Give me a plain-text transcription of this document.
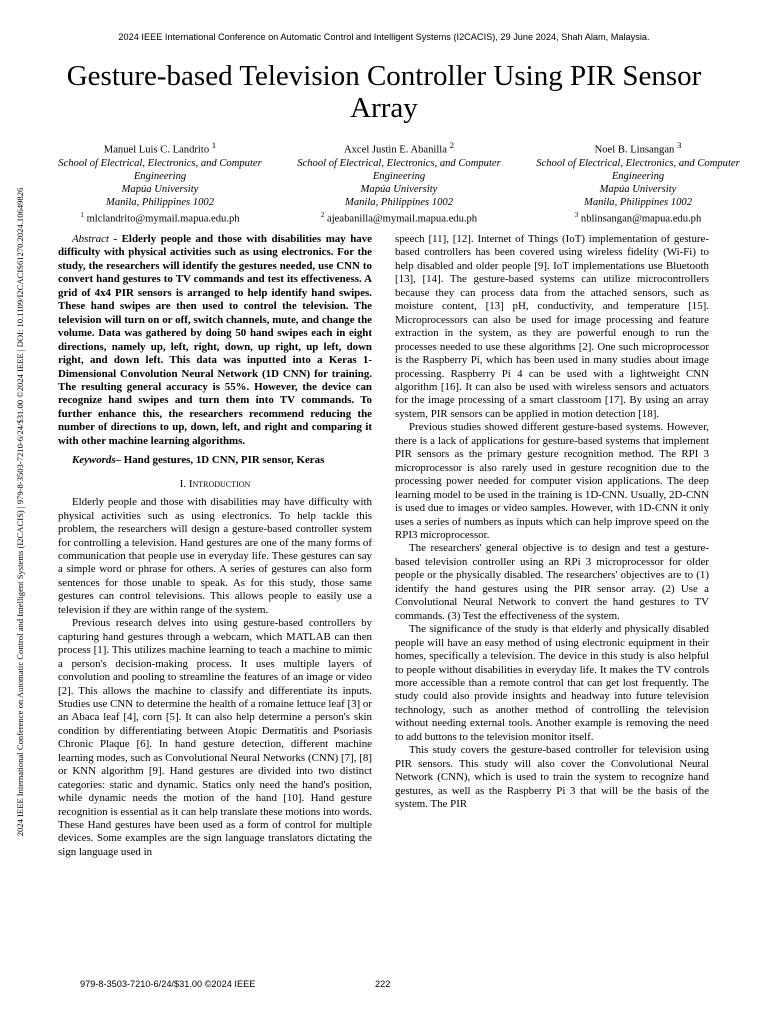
2024 IEEE International Conference on Automatic Control and Intelligent Systems (I2CACIS), 29 June 2024, Shah Alam, Malaysia.
Gesture-based Television Controller Using PIR Sensor Array
2024 IEEE International Conference on Automatic Control and Intelligent Systems (I2CACIS) | 979-8-3503-7210-6/24/$31.00 ©2024 IEEE | DOI: 10.1109/I2CACIS61270.2024.10649826
Manuel Luis C. Landrito $^1$
School of Electrical, Electronics, and Computer Engineering
Mapúa University
Manila, Philippines 1002
$^1$ mlclandrito@mymail.mapua.edu.ph
Axcel Justin E. Abanilla $^2$
School of Electrical, Electronics, and Computer Engineering
Mapúa University
Manila, Philippines 1002
$^2$ ajeabanilla@mymail.mapua.edu.ph
Noel B. Linsangan $^3$
School of Electrical, Electronics, and Computer Engineering
Mapúa University
Manila, Philippines 1002
$^3$ nblinsangan@mapua.edu.ph

Abstract - Elderly people and those with disabilities may have difficulty with physical activities such as using electronics. For the study, the researchers will identify the gestures needed, use CNN to convert hand gestures to TV commands and test its effectiveness. A grid of 4x4 PIR sensors is arranged to help identify hand swipes. These hand swipes are then used to control the television. The television will turn on or off, switch channels, mute, and change the volume. Data was gathered by doing 50 hand swipes each in eight directions, namely up, left, right, down, up right, up left, down right, and down left. This data was inputted into a Keras 1-Dimensional Convolution Neural Network (1D CNN) for training. The resulting general accuracy is 55%. However, the device can recognize hand swipes and turn them into TV commands. To further enhance this, the researchers recommend reducing the number of directions to up, down, left, and right and comparing it with other machine learning algorithms.

Keywords– Hand gestures, 1D CNN, PIR sensor, Keras

I. Introduction

Elderly people and those with disabilities may have difficulty with physical activities such as using electronics. To help tackle this problem, the researchers will design a gesture-based controller system for controlling a television. Hand gestures are one of the many forms of communication that people use in everyday life. These gestures can say a simple word or phrase for others. A series of gestures can also form sentences for those unable to speak. As for this study, those same gestures can control televisions. This allows people to easily use a television if they are within range of the system.

Previous research delves into using gesture-based controllers by capturing hand gestures through a webcam, which MATLAB can then process [1]. This utilizes machine learning to teach a machine to mimic a person's decision-making process. It uses multiple layers of convolution and pooling to streamline the features of an image or video [2]. This allows the machine to classify and differentiate its inputs. Studies use CNN to determine the health of a romaine lettuce leaf [3] or an Abaca leaf [4], corn [5]. It can also help determine a person's skin condition by differentiating between Atopic Dermatitis and Psoriasis Chronic Plaque [6]. In hand gesture detection, different machine learning modes, such as Convolutional Neural Networks (CNN) [7], [8] or KNN algorithm [9]. Hand gestures are divided into two distinct categories: static and dynamic. Statics only need the hand's position, while dynamic needs the motion of the hand [10]. Hand gesture recognition is essential as it can help translate these motions into words. These Hand gestures have been used as a form of control for multiple devices. Some examples are the sign language translators dictating the sign language used in

speech [11], [12]. Internet of Things (IoT) implementation of gesture-based controllers has been covered using wireless fidelity (Wi-Fi) to help disabled and older people [9]. IoT implementations use Bluetooth [13], [14]. The gesture-based systems can utilize microcontrollers because they can process data from the attached sensors, such as moisture content, [13] pH, conductivity, and temperature [15]. Microprocessors can also be used for image processing and feature extraction in the system, as they are powerful enough to run the processes needed to use these algorithms [2]. One such microprocessor is the Raspberry Pi, which has been used in many studies about image processing. Raspberry Pi 4 can be used with a lightweight CNN algorithm [16]. It can also be used with wireless sensors and actuators for the image processing of a smart classroom [17]. By using an array system, PIR sensors can be applied in motion detection [18].

Previous studies showed different gesture-based systems. However, there is a lack of applications for gesture-based systems that implement PIR sensors as the primary gesture recognition method. The RPI 3 microprocessor is also rarely used in gesture recognition due to the processing power needed for computer vision applications. The deep learning model to be used in the training is 1D-CNN. Usually, 2D-CNN is used due to images or video samples. However, with 1D-CNN it only uses a series of numbers as inputs which can help improve speed on the RPI3 microprocessor.

The researchers' general objective is to design and test a gesture-based television controller using an RPi 3 microprocessor for older people or the physically disabled. The researchers' objectives are to (1) identify the hand gestures using the PIR sensor array. (2) Use a Convolutional Neural Network to convert the hand gestures to TV commands. (3) Test the effectiveness of the system.

The significance of the study is that elderly and physically disabled people will have an easy method of using electronic equipment in their homes, specifically a television. The device in this study is also helpful to people without disabilities in everyday life. It makes the TV controls more accessible than a remote control that can get lost frequently. The study could also provide insights and headway into future television technology, such as another method of controlling the television without needing external tools. Another example is removing the need to add buttons to the television monitor itself.

This study covers the gesture-based controller for television using PIR sensors. This study will also cover the Convolutional Neural Network (CNN), which is used to train the system to recognize hand gestures, as well as the Raspberry Pi 3 that will be the basis of the system. The PIR

979-8-3503-7210-6/24/$31.00 ©2024 IEEE	222
